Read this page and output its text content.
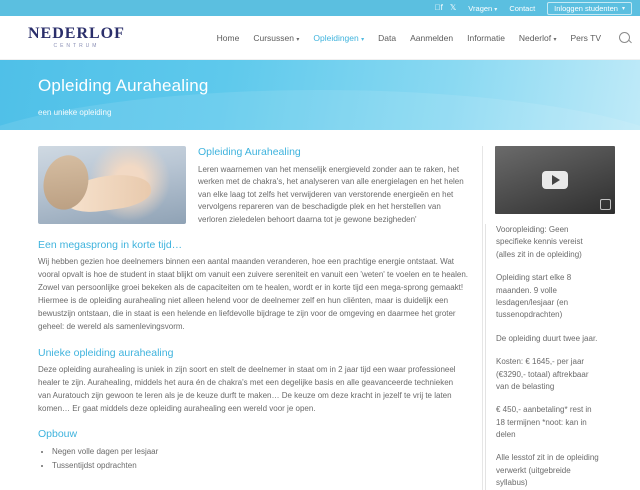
f 𝕏 Vragen ▾ Contact	Inloggen studenten ▾
NEDERLOF
CENTRUM
Home Cursussen ▾ Opleidingen ▾ Data Aanmelden Informatie Nederlof ▾ Pers TV
Opleiding Aurahealing
een unieke opleiding
Opleiding Aurahealing

Leren waarnemen van het menselijk energieveld zonder aan te raken, het werken met de chakra's, het analyseren van alle energielagen en het helen van elke laag tot zelfs het verwijderen van verstorende energieën en het vervolgens repareren van de beschadigde plek en het herstellen van verloren zieledelen behoort daarna tot je gewone bezigheden'

Een megasprong in korte tijd…

Wij hebben gezien hoe deelnemers binnen een aantal maanden veranderen, hoe een prachtige energie ontstaat. Wat vooral opvalt is hoe de student in staat blijkt om vanuit een zuivere sereniteit en vanuit een 'weten' te voelen en te healen. Zowel van persoonlijke groei bekeken als de capaciteiten om te healen, wordt er in korte tijd een mega-sprong gemaakt! Hiermee is de opleiding aurahealing niet alleen helend voor de deelnemer zelf en hun cliënten, maar is duidelijk een bewustzijn ontstaan, die in staat is een helende en liefdevolle bijdrage te zijn voor de omgeving en daarmee het groter geheel: de wereld als samenlevingsvorm.

Unieke opleiding aurahealing

Deze opleiding aurahealing is uniek in zijn soort en stelt de deelnemer in staat om in 2 jaar tijd een waar professioneel healer te zijn. Aurahealing, middels het aura én de chakra's met een degelijke basis en alle geavanceerde technieken van Auratouch zijn gewoon te leren als je de keuze durft te maken… De keuze om deze kracht in jezelf te vrij te laten komen… Er gaat middels deze opleiding aurahealing een wereld voor je open.

Opbouw
• Negen volle dagen per lesjaar
• Tussentijdst opdrachten
Vooropleiding: Geen specifieke kennis vereist (alles zit in de opleiding)
Opleiding start elke 8 maanden. 9 volle lesdagen/lesjaar (en tussenopdrachten)
De opleiding duurt twee jaar.
Kosten: € 1645,- per jaar (€3290,- totaal) aftrekbaar van de belasting
€ 450,- aanbetaling* rest in 18 termijnen *noot: kan in delen
Alle lesstof zit in de opleiding verwerkt (uitgebreide syllabus)
